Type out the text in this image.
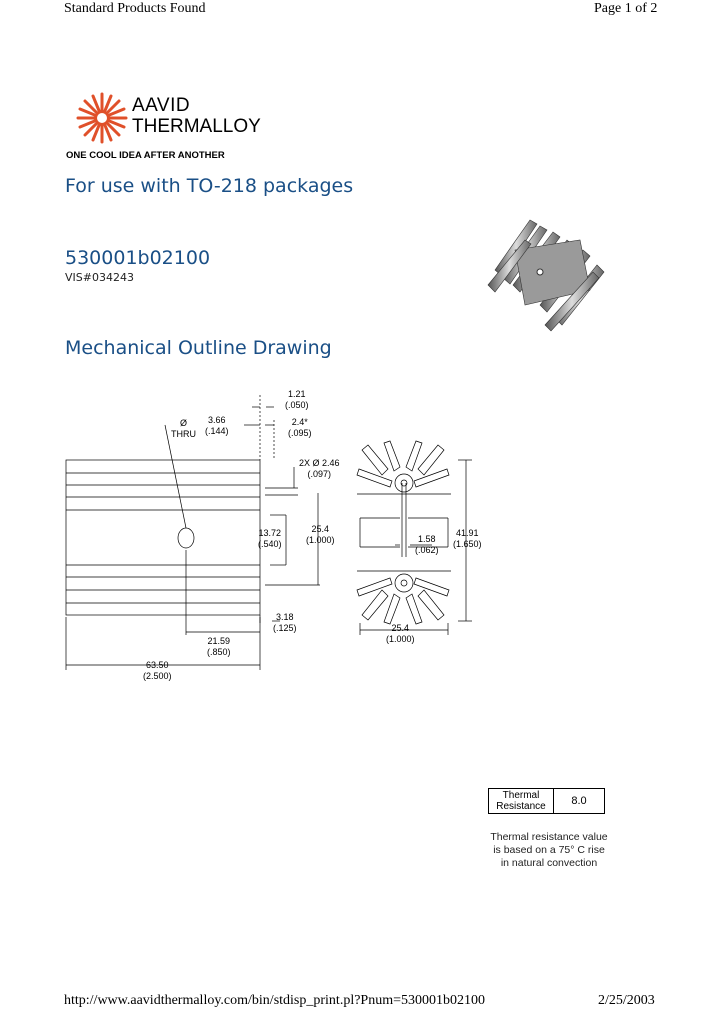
Standard Products Found	Page 1 of 2
AAVID
THERMALLOY
ONE COOL IDEA AFTER ANOTHER
For use with TO-218 packages
530001b02100
VIS#034243
Mechanical Outline Drawing
1.21
(.050)
3.66
(.144)
2.4*
(.095)
Ø
THRU
2X Ø 2.46
(.097)
13.72
(.540)
25.4
(1.000)
3.18
(.125)
21.59
(.850)
63.50
(2.500)
41.91
(1.650)
1.58
(.062)
25.4
(1.000)
Thermal
Resistance	8.0
Thermal resistance value is based on a 75° C rise in natural convection
http://www.aavidthermalloy.com/bin/stdisp_print.pl?Pnum=530001b02100	2/25/2003
